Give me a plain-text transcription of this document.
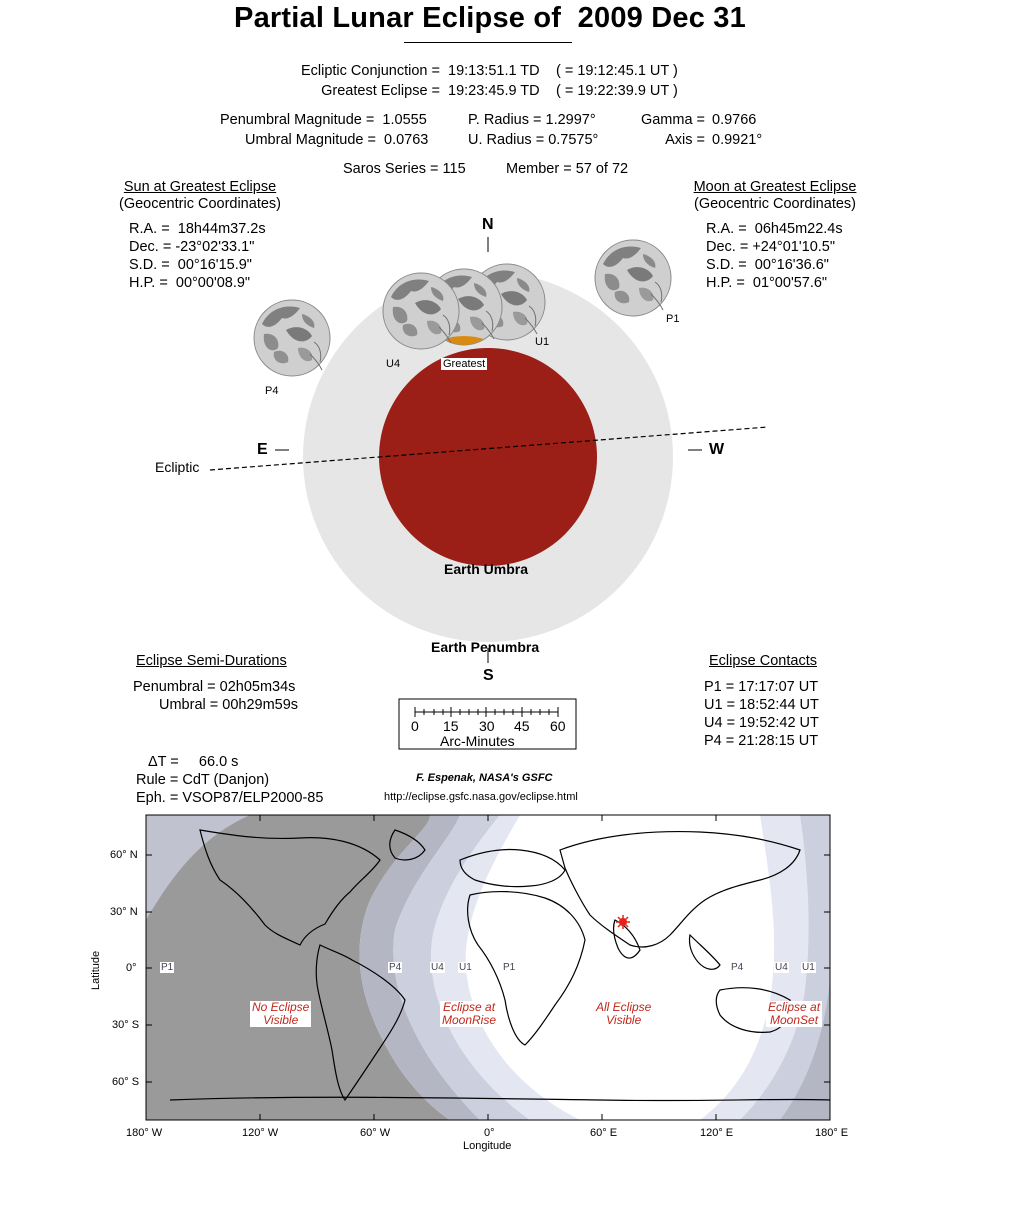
Partial Lunar Eclipse of  2009 Dec 31
Ecliptic Conjunction = 19:13:51.1 TD ( = 19:12:45.1 UT )
Greatest Eclipse = 19:23:45.9 TD ( = 19:22:39.9 UT )
Penumbral Magnitude =  1.0555
Umbral Magnitude =  0.0763
P. Radius = 1.2997°
U. Radius = 0.7575°
Gamma = 0.9766
Axis = 0.9921°
Saros Series = 115	Member = 57 of 72
Sun at Greatest Eclipse
(Geocentric Coordinates)
R.A. =  18h44m37.2s
Dec. = -23°02'33.1"
S.D. =  00°16'15.9"
H.P. =  00°00'08.9"
Moon at Greatest Eclipse
(Geocentric Coordinates)
R.A. =  06h45m22.4s
Dec. = +24°01'10.5"
S.D. =  00°16'36.6"
H.P. =  01°00'57.6"
N
S
E	W
Ecliptic
Earth Umbra
Earth Penumbra
Greatest
P1
U1
U4
P4
0 15 30 45 60
Arc-Minutes
Eclipse Semi-Durations
Penumbral = 02h05m34s
Umbral = 00h29m59s
Eclipse Contacts
P1 = 17:17:07 UT
U1 = 18:52:44 UT
U4 = 19:52:42 UT
P4 = 21:28:15 UT
ΔT =     66.0 s
Rule = CdT (Danjon)
Eph. = VSOP87/ELP2000-85
F. Espenak, NASA's GSFC
http://eclipse.gsfc.nasa.gov/eclipse.html
60° N
30° N
0°
30° S
60° S
Latitude
180° W	120° W	60° W	0°	60° E	120° E	180° E
Longitude
No Eclipse
Visible
Eclipse at
MoonRise
All Eclipse
Visible
Eclipse at
MoonSet
P1	P4	U4 U1	P1	P4	U4 U1
